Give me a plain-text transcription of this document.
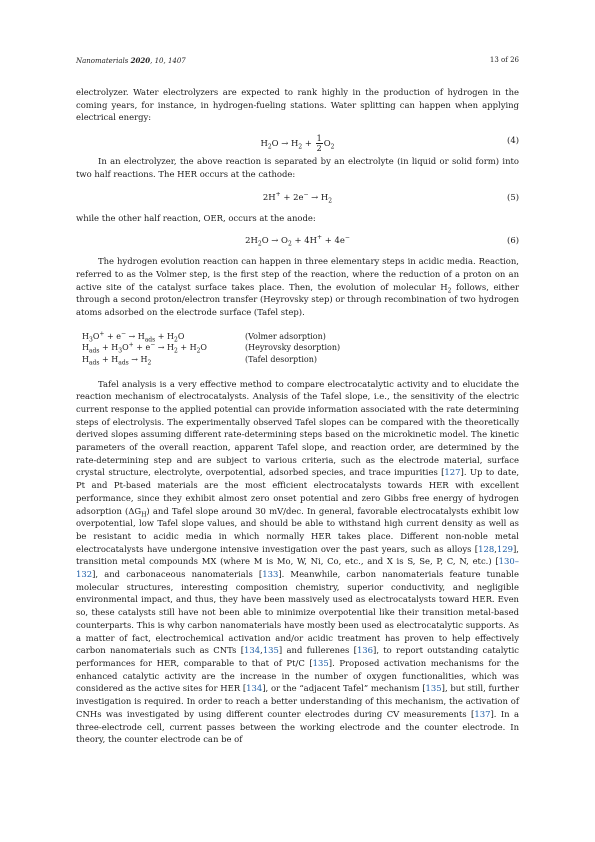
Nanomaterials 2020, 10, 1407	13 of 26

electrolyzer. Water electrolyzers are expected to rank highly in the production of hydrogen in the coming years, for instance, in hydrogen-fueling stations. Water splitting can happen when applying electrical energy:

$H_2O \to H_2 + \frac{1}{2} O_2$
(4)

In an electrolyzer, the above reaction is separated by an electrolyte (in liquid or solid form) into two half reactions. The HER occurs at the cathode:

$2H^+ + 2e^- \to H_2$	(5)

while the other half reaction, OER, occurs at the anode:

$2H_2O \to O_2 + 4H^+ + 4e^-$	(6)

The hydrogen evolution reaction can happen in three elementary steps in acidic media. Reaction, referred to as the Volmer step, is the first step of the reaction, where the reduction of a proton on an active site of the catalyst surface takes place. Then, the evolution of molecular $H_2$ follows, either through a second proton/electron transfer (Heyrovsky step) or through recombination of two hydrogen atoms adsorbed on the electrode surface (Tafel step).

$H_3O^+ + e^- \to H_{ads} + H_2O$	(Volmer adsorption)
$H_{ads} + H_3O^+ + e^- \to H_2 + H_2O$	(Heyrovsky desorption)
$H_{ads} + H_{ads} \to H_2$	(Tafel desorption)

Tafel analysis is a very effective method to compare electrocatalytic activity and to elucidate the reaction mechanism of electrocatalysts. Analysis of the Tafel slope, i.e., the sensitivity of the electric current response to the applied potential can provide information associated with the rate determining steps of electrolysis. The experimentally observed Tafel slopes can be compared with the theoretically derived slopes assuming different rate-determining steps based on the microkinetic model. The kinetic parameters of the overall reaction, apparent Tafel slope, and reaction order, are determined by the rate-determining step and are subject to various criteria, such as the electrode material, surface crystal structure, electrolyte, overpotential, adsorbed species, and trace impurities [127]. Up to date, Pt and Pt-based materials are the most efficient electrocatalysts towards HER with excellent performance, since they exhibit almost zero onset potential and zero Gibbs free energy of hydrogen adsorption $(\Delta G_H)$ and Tafel slope around 30 mV/dec. In general, favorable electrocatalysts exhibit low overpotential, low Tafel slope values, and should be able to withstand high current density as well as be resistant to acidic media in which normally HER takes place. Different non-noble metal electrocatalysts have undergone intensive investigation over the past years, such as alloys [128,129], transition metal compounds MX (where M is Mo, W, Ni, Co, etc., and X is S, Se, P, C, N, etc.) [130–132], and carbonaceous nanomaterials [133]. Meanwhile, carbon nanomaterials feature tunable molecular structures, interesting composition chemistry, superior conductivity, and negligible environmental impact, and thus, they have been massively used as electrocatalysts toward HER. Even so, these catalysts still have not been able to minimize overpotential like their transition metal-based counterparts. This is why carbon nanomaterials have mostly been used as electrocatalytic supports. As a matter of fact, electrochemical activation and/or acidic treatment has proven to help effectively carbon nanomaterials such as CNTs [134,135] and fullerenes [136], to report outstanding catalytic performances for HER, comparable to that of Pt/C [135]. Proposed activation mechanisms for the enhanced catalytic activity are the increase in the number of oxygen functionalities, which was considered as the active sites for HER [134], or the “adjacent Tafel” mechanism [135], but still, further investigation is required. In order to reach a better understanding of this mechanism, the activation of CNHs was investigated by using different counter electrodes during CV measurements [137]. In a three-electrode cell, current passes between the working electrode and the counter electrode. In theory, the counter electrode can be of
